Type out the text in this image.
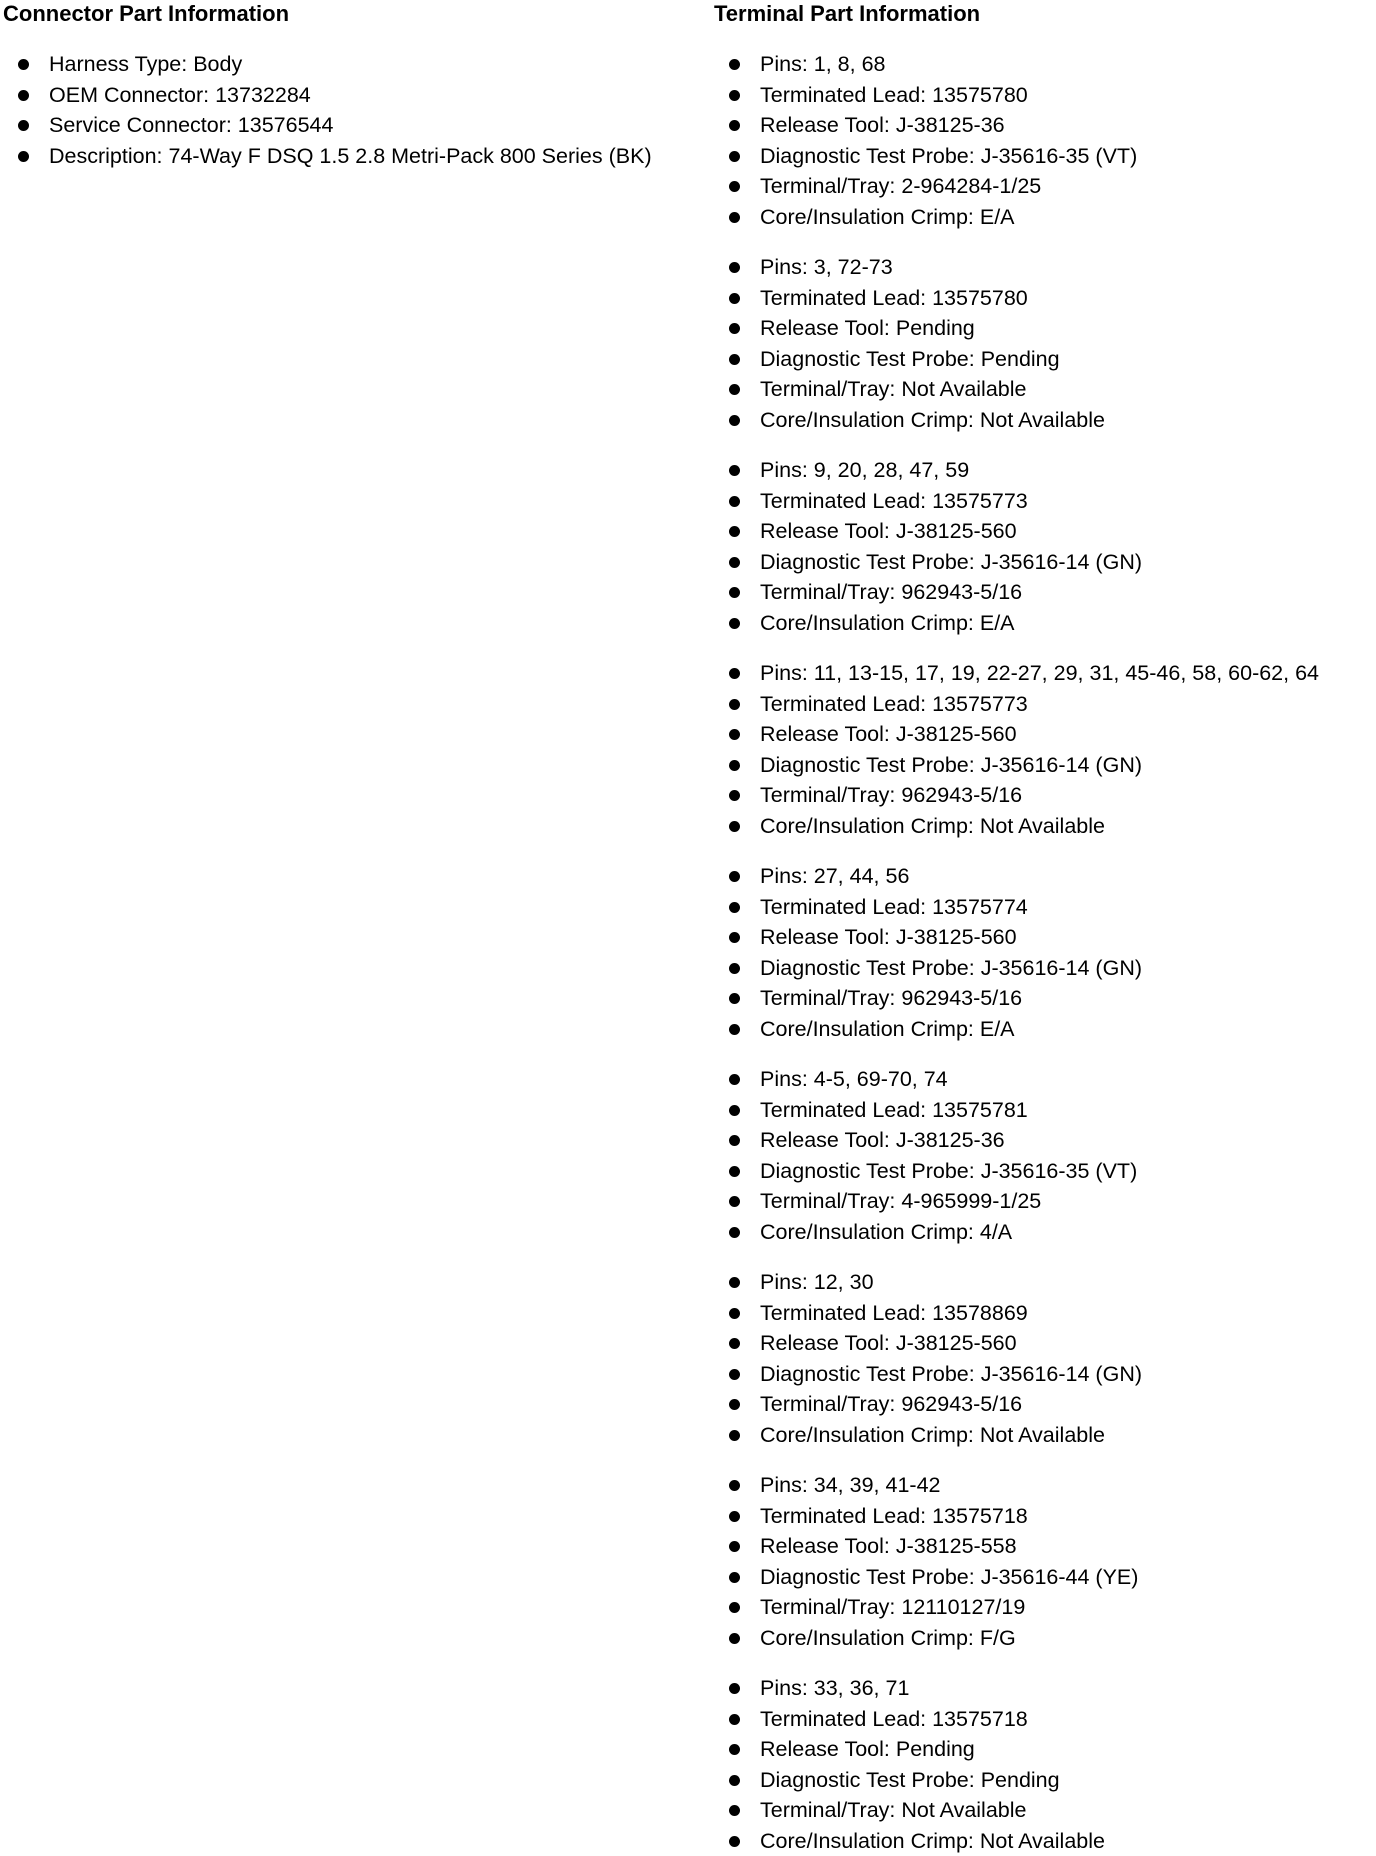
Connector Part Information
Harness Type: Body
OEM Connector: 13732284
Service Connector: 13576544
Description: 74-Way F DSQ 1.5 2.8 Metri-Pack 800 Series (BK)
Terminal Part Information
Pins: 1, 8, 68
Terminated Lead: 13575780
Release Tool: J-38125-36
Diagnostic Test Probe: J-35616-35 (VT)
Terminal/Tray: 2-964284-1/25
Core/Insulation Crimp: E/A
Pins: 3, 72-73
Terminated Lead: 13575780
Release Tool: Pending
Diagnostic Test Probe: Pending
Terminal/Tray: Not Available
Core/Insulation Crimp: Not Available
Pins: 9, 20, 28, 47, 59
Terminated Lead: 13575773
Release Tool: J-38125-560
Diagnostic Test Probe: J-35616-14 (GN)
Terminal/Tray: 962943-5/16
Core/Insulation Crimp: E/A
Pins: 11, 13-15, 17, 19, 22-27, 29, 31, 45-46, 58, 60-62, 64
Terminated Lead: 13575773
Release Tool: J-38125-560
Diagnostic Test Probe: J-35616-14 (GN)
Terminal/Tray: 962943-5/16
Core/Insulation Crimp: Not Available
Pins: 27, 44, 56
Terminated Lead: 13575774
Release Tool: J-38125-560
Diagnostic Test Probe: J-35616-14 (GN)
Terminal/Tray: 962943-5/16
Core/Insulation Crimp: E/A
Pins: 4-5, 69-70, 74
Terminated Lead: 13575781
Release Tool: J-38125-36
Diagnostic Test Probe: J-35616-35 (VT)
Terminal/Tray: 4-965999-1/25
Core/Insulation Crimp: 4/A
Pins: 12, 30
Terminated Lead: 13578869
Release Tool: J-38125-560
Diagnostic Test Probe: J-35616-14 (GN)
Terminal/Tray: 962943-5/16
Core/Insulation Crimp: Not Available
Pins: 34, 39, 41-42
Terminated Lead: 13575718
Release Tool: J-38125-558
Diagnostic Test Probe: J-35616-44 (YE)
Terminal/Tray: 12110127/19
Core/Insulation Crimp: F/G
Pins: 33, 36, 71
Terminated Lead: 13575718
Release Tool: Pending
Diagnostic Test Probe: Pending
Terminal/Tray: Not Available
Core/Insulation Crimp: Not Available
